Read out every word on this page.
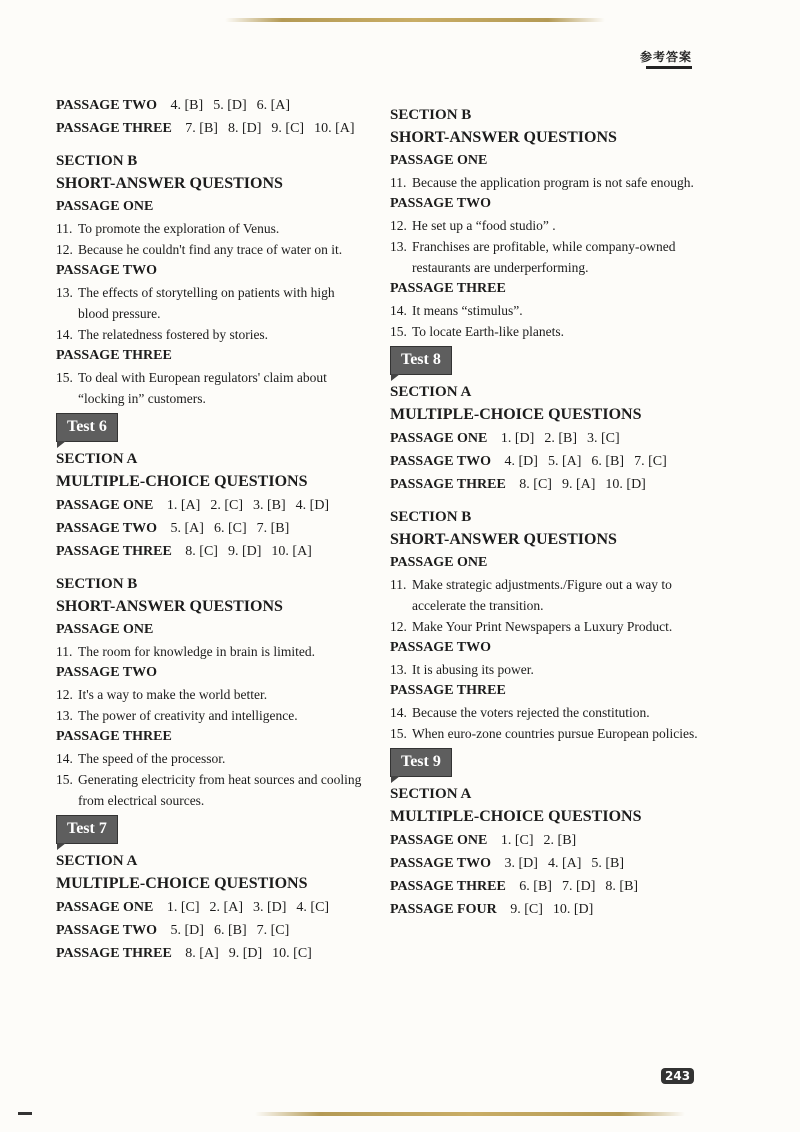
参考答案
PASSAGE TWO 4. [B] 5. [D] 6. [A]
PASSAGE THREE 7. [B] 8. [D] 9. [C] 10. [A]

SECTION B

SHORT-ANSWER QUESTIONS

PASSAGE ONE

11. To promote the exploration of Venus.
12. Because he couldn't find any trace of water on it.

PASSAGE TWO

13. The effects of storytelling on patients with high blood pressure.
14. The relatedness fostered by stories.

PASSAGE THREE

15. To deal with European regulators' claim about “locking in” customers.
Test 6

SECTION A

MULTIPLE-CHOICE QUESTIONS

PASSAGE ONE 1. [A] 2. [C] 3. [B] 4. [D]
PASSAGE TWO 5. [A] 6. [C] 7. [B]
PASSAGE THREE 8. [C] 9. [D] 10. [A]

SECTION B

SHORT-ANSWER QUESTIONS

PASSAGE ONE

11. The room for knowledge in brain is limited.

PASSAGE TWO

12. It's a way to make the world better.
13. The power of creativity and intelligence.

PASSAGE THREE

14. The speed of the processor.
15. Generating electricity from heat sources and cooling from electrical sources.
Test 7

SECTION A

MULTIPLE-CHOICE QUESTIONS

PASSAGE ONE 1. [C] 2. [A] 3. [D] 4. [C]
PASSAGE TWO 5. [D] 6. [B] 7. [C]
PASSAGE THREE 8. [A] 9. [D] 10. [C]

SECTION B

SHORT-ANSWER QUESTIONS

PASSAGE ONE

11. Because the application program is not safe enough.

PASSAGE TWO

12. He set up a “food studio” .
13. Franchises are profitable, while company-owned restaurants are underperforming.

PASSAGE THREE

14. It means “stimulus”.
15. To locate Earth-like planets.
Test 8

SECTION A

MULTIPLE-CHOICE QUESTIONS

PASSAGE ONE 1. [D] 2. [B] 3. [C]
PASSAGE TWO 4. [D] 5. [A] 6. [B] 7. [C]
PASSAGE THREE 8. [C] 9. [A] 10. [D]

SECTION B

SHORT-ANSWER QUESTIONS

PASSAGE ONE

11. Make strategic adjustments./Figure out a way to accelerate the transition.
12. Make Your Print Newspapers a Luxury Product.

PASSAGE TWO

13. It is abusing its power.

PASSAGE THREE

14. Because the voters rejected the constitution.
15. When euro-zone countries pursue European policies.
Test 9

SECTION A

MULTIPLE-CHOICE QUESTIONS

PASSAGE ONE 1. [C] 2. [B]
PASSAGE TWO 3. [D] 4. [A] 5. [B]
PASSAGE THREE 6. [B] 7. [D] 8. [B]
PASSAGE FOUR 9. [C] 10. [D]
243
